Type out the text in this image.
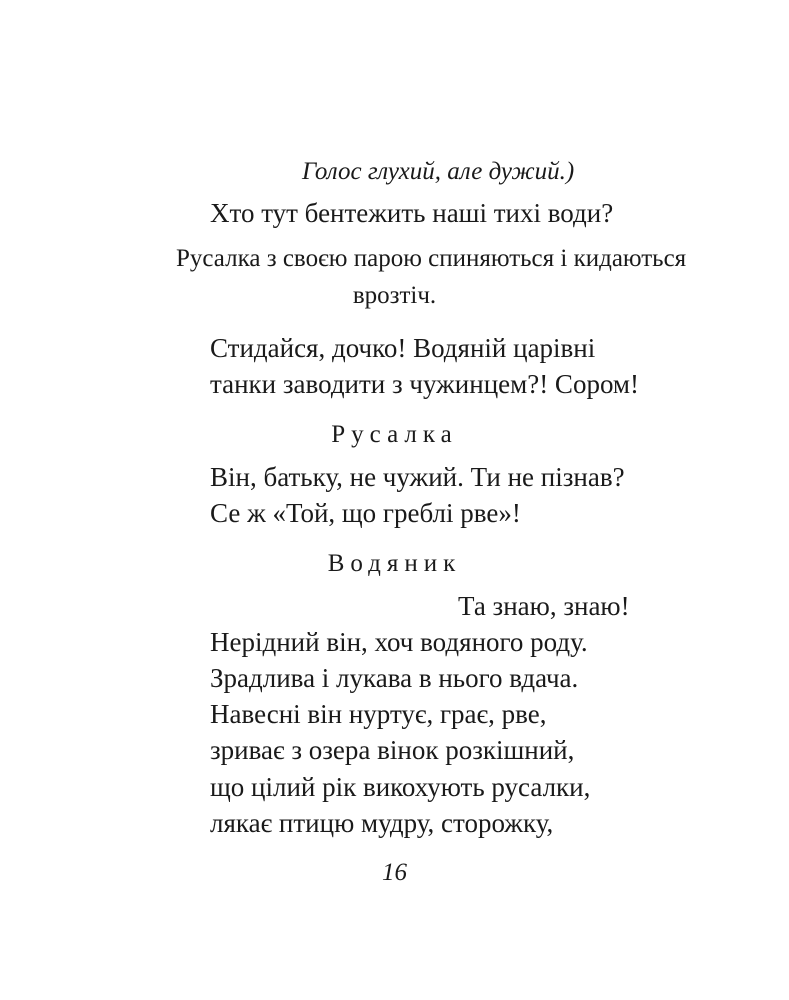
Голос глухий, але дужий.)
Хто тут бентежить наші тихі води?
Русалка з своєю парою спиняються і кидаються
врозтіч.
Стидайся, дочко! Водяній царівні
танки заводити з чужинцем?! Сором!
Русалка
Він, батьку, не чужий. Ти не пізнав?
Се ж «Той, що греблі рве»!
Водяник
Та знаю, знаю!
Нерідний він, хоч водяного роду.
Зрадлива і лукава в нього вдача.
Навесні він нуртує, грає, рве,
зриває з озера вінок розкішний,
що цілий рік викохують русалки,
лякає птицю мудру, сторожку,
16
